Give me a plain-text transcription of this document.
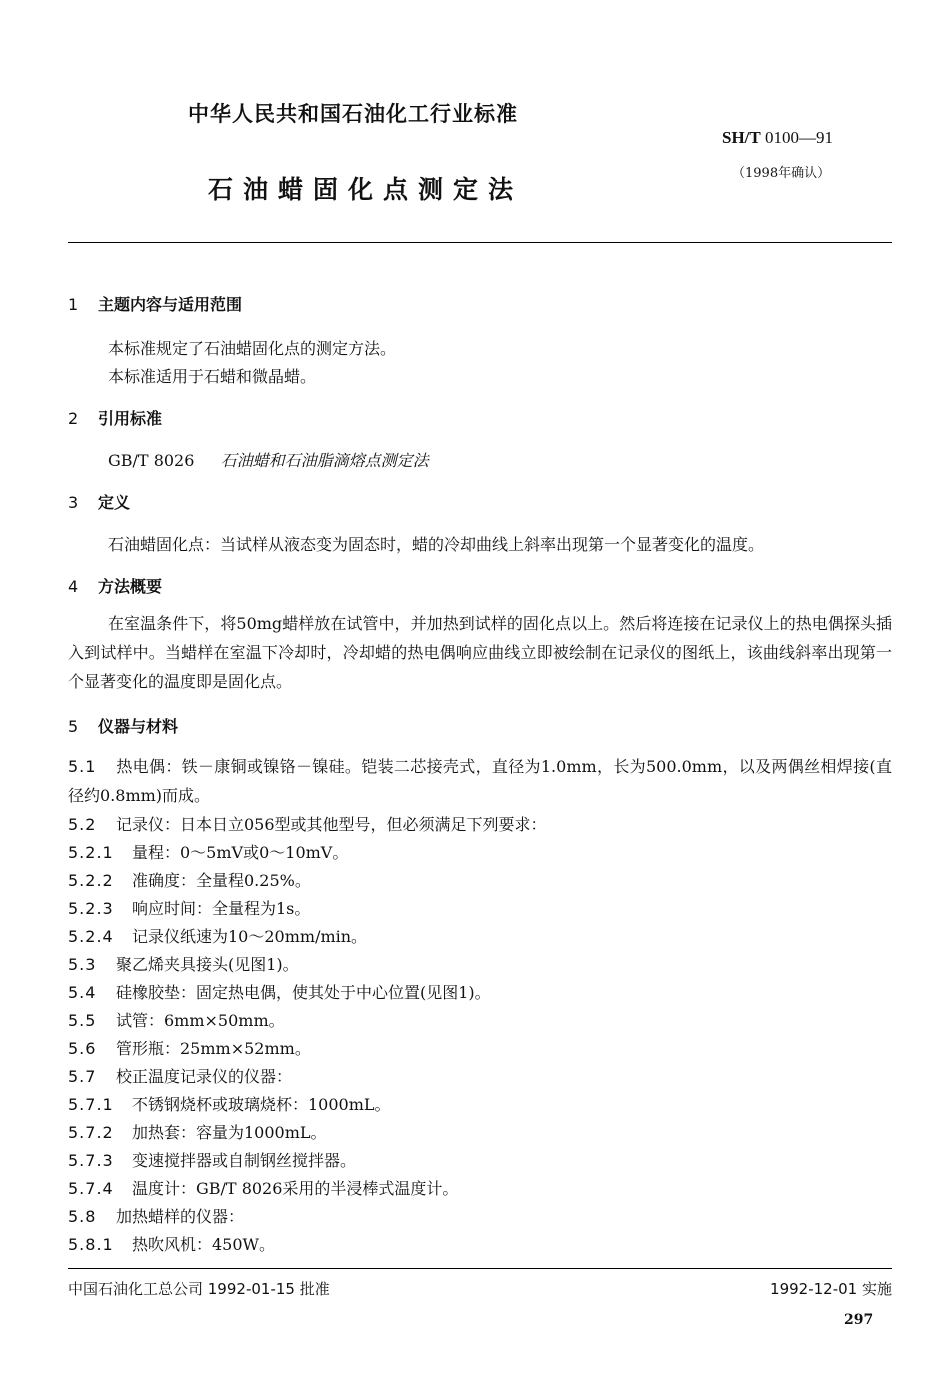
中华人民共和国石油化工行业标准
SH/T 0100—91
（1998年确认）
石油蜡固化点测定法
1 主题内容与适用范围
本标准规定了石油蜡固化点的测定方法。
本标准适用于石蜡和微晶蜡。
2 引用标准
GB/T 8026 石油蜡和石油脂滴熔点测定法
3 定义
石油蜡固化点：当试样从液态变为固态时，蜡的冷却曲线上斜率出现第一个显著变化的温度。
4 方法概要
在室温条件下，将50mg蜡样放在试管中，并加热到试样的固化点以上。然后将连接在记录仪上的热电偶探头插入到试样中。当蜡样在室温下冷却时，冷却蜡的热电偶响应曲线立即被绘制在记录仪的图纸上，该曲线斜率出现第一个显著变化的温度即是固化点。
5 仪器与材料
5.1 热电偶：铁－康铜或镍铬－镍硅。铠装二芯接壳式，直径为1.0mm，长为500.0mm，以及两偶丝相焊接(直径约0.8mm)而成。
5.2 记录仪：日本日立056型或其他型号，但必须满足下列要求：
5.2.1 量程：0～5mV或0～10mV。
5.2.2 准确度：全量程0.25%。
5.2.3 响应时间：全量程为1s。
5.2.4 记录仪纸速为10～20mm/min。
5.3 聚乙烯夹具接头(见图1)。
5.4 硅橡胶垫：固定热电偶，使其处于中心位置(见图1)。
5.5 试管：6mm×50mm。
5.6 管形瓶：25mm×52mm。
5.7 校正温度记录仪的仪器：
5.7.1 不锈钢烧杯或玻璃烧杯：1000mL。
5.7.2 加热套：容量为1000mL。
5.7.3 变速搅拌器或自制钢丝搅拌器。
5.7.4 温度计：GB/T 8026采用的半浸棒式温度计。
5.8 加热蜡样的仪器：
5.8.1 热吹风机：450W。
中国石油化工总公司 1992-01-15 批准	1992-12-01 实施
297
